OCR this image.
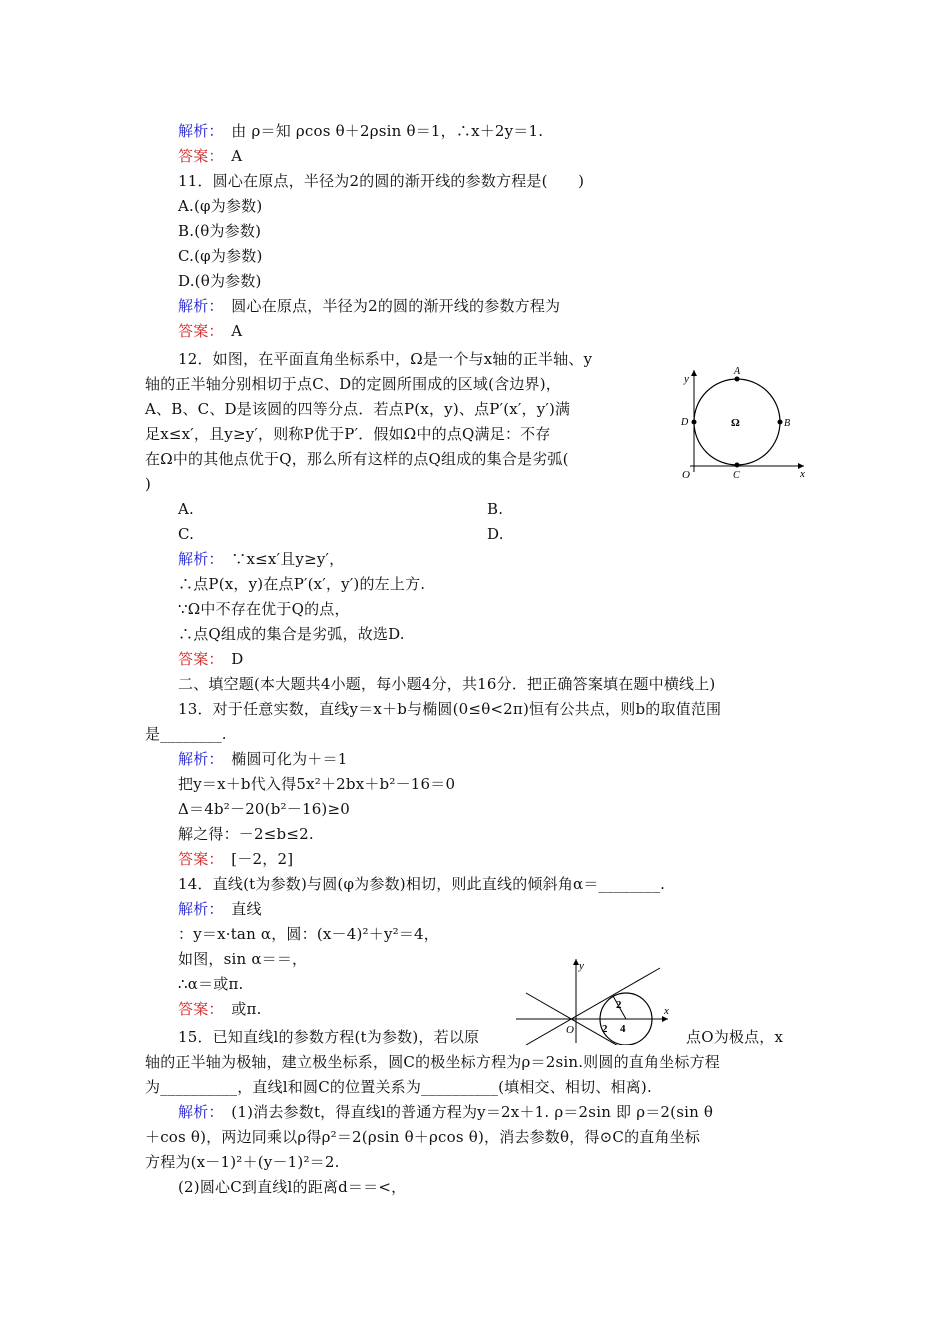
解析：　由 ρ＝知 ρcos θ＋2ρsin θ＝1，∴x＋2y＝1.
答案：　A
11．圆心在原点，半径为2的圆的渐开线的参数方程是(　　)
A.(φ为参数)
B.(θ为参数)
C.(φ为参数)
D.(θ为参数)
解析：　圆心在原点，半径为2的圆的渐开线的参数方程为
答案：　A
12．如图，在平面直角坐标系中，Ω是一个与x轴的正半轴、y
轴的正半轴分别相切于点C、D的定圆所围成的区域(含边界)，
A、B、C、D是该圆的四等分点．若点P(x，y)、点P′(x′，y′)满
足x≤x′，且y≥y′，则称P优于P′．假如Ω中的点Q满足：不存
在Ω中的其他点优于Q，那么所有这样的点Q组成的集合是劣弧(
)
y
x
O
A
B
C
D	Ω
A.	B.
C.	D.
解析：　∵x≤x′且y≥y′，
∴点P(x，y)在点P′(x′，y′)的左上方.
∵Ω中不存在优于Q的点，
∴点Q组成的集合是劣弧，故选D.
答案：　D
二、填空题(本大题共4小题，每小题4分，共16分．把正确答案填在题中横线上)
13．对于任意实数，直线y＝x＋b与椭圆(0≤θ<2π)恒有公共点，则b的取值范围
是________.
解析：　椭圆可化为＋＝1
把y＝x＋b代入得5x²＋2bx＋b²－16＝0
Δ＝4b²－20(b²－16)≥0
解之得：－2≤b≤2.
答案：　[－2，2]
14．直线(t为参数)与圆(φ为参数)相切，则此直线的倾斜角α＝________.
解析：　直线
：y＝x·tan α，圆：(x－4)²＋y²＝4，
如图，sin α＝＝，
∴α＝或π.
答案：　或π.
y
x
O
2
2 4
15．已知直线l的参数方程(t为参数)，若以原	点O为极点，x
轴的正半轴为极轴，建立极坐标系，圆C的极坐标方程为ρ＝2sin.则圆的直角坐标方程
为__________，直线l和圆C的位置关系为__________(填相交、相切、相离).
解析：　(1)消去参数t，得直线l的普通方程为y＝2x＋1. ρ＝2sin 即 ρ＝2(sin θ
＋cos θ)，两边同乘以ρ得ρ²＝2(ρsin θ＋ρcos θ)，消去参数θ，得⊙C的直角坐标
方程为(x－1)²＋(y－1)²＝2.
(2)圆心C到直线l的距离d＝＝<，
